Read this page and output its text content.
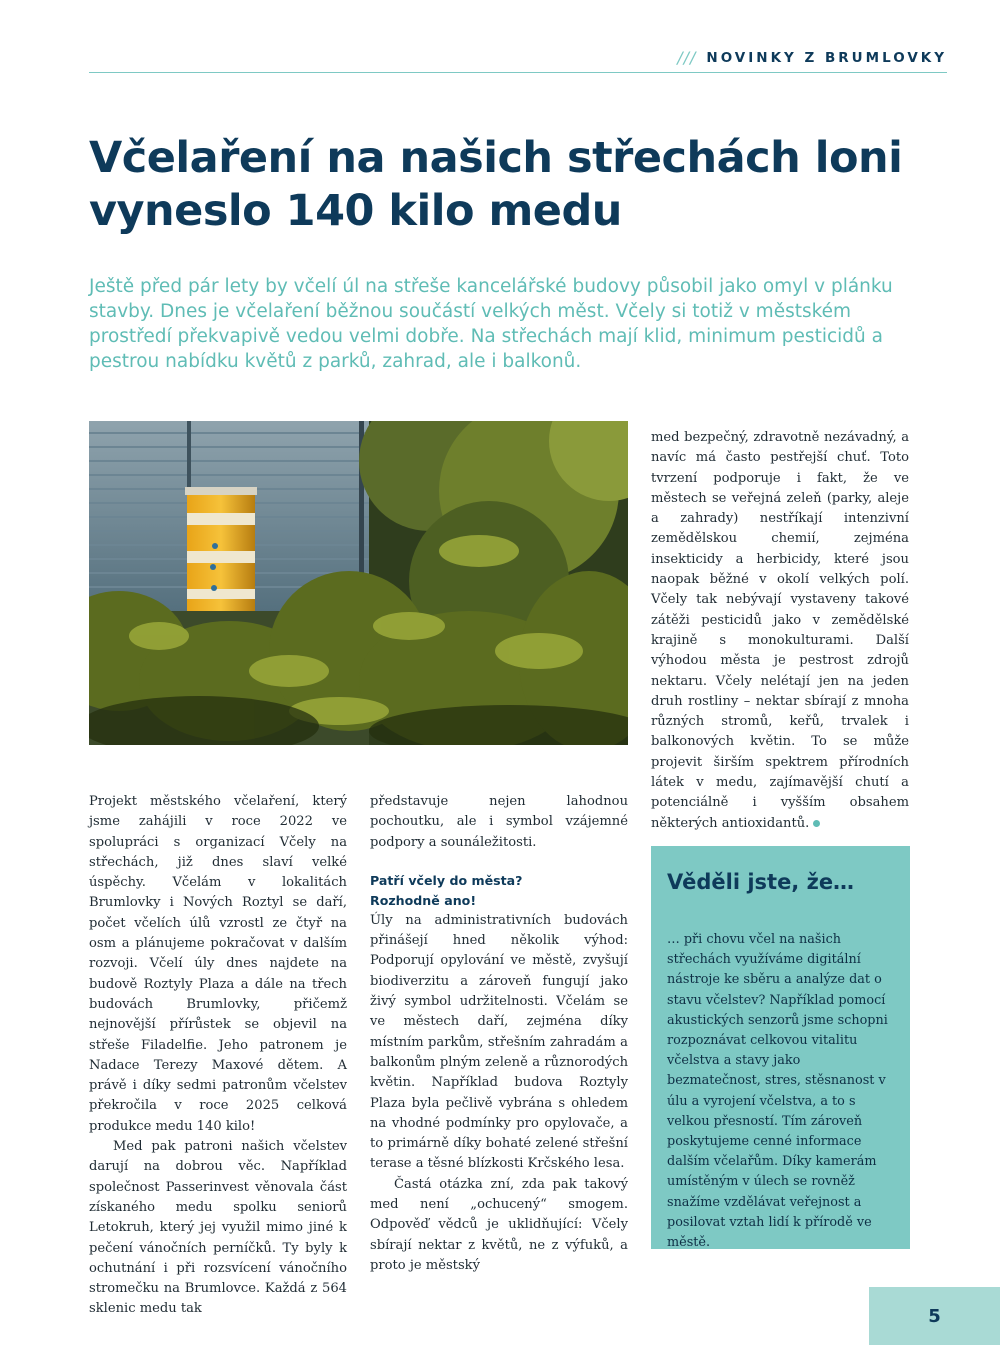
/// NOVINKY Z BRUMLOVKY
Včelaření na našich střechách loni vyneslo 140 kilo medu

Ještě před pár lety by včelí úl na střeše kancelářské budovy působil jako omyl v plánku stavby. Dnes je včelaření běžnou součástí velkých měst. Včely si totiž v městském prostředí překvapivě vedou velmi dobře. Na střechách mají klid, minimum pesticidů a pestrou nabídku květů z parků, zahrad, ale i balkonů.

Projekt městského včelaření, který jsme zahájili v roce 2022 ve spolupráci s organizací Včely na střechách, již dnes slaví velké úspěchy. Včelám v lokalitách Brumlovky i Nových Roztyl se daří, počet včelích úlů vzrostl ze čtyř na osm a plánujeme pokračovat v dalším rozvoji. Včelí úly dnes najdete na budově Roztyly Plaza a dále na třech budovách Brumlovky, přičemž nejnovější přírůstek se objevil na střeše Filadelfie. Jeho patronem je Nadace Terezy Maxové dětem. A právě i díky sedmi patronům včelstev překročila v roce 2025 celková produkce medu 140 kilo!

Med pak patroni našich včelstev darují na dobrou věc. Například společnost Passerinvest věnovala část získaného medu spolku seniorů Letokruh, který jej využil mimo jiné k pečení vánočních perníčků. Ty byly k ochutnání i při rozsvícení vánočního stromečku na Brumlovce. Každá z 564 sklenic medu tak

představuje nejen lahodnou pochoutku, ale i symbol vzájemné podpory a sounáležitosti.

Patří včely do města?
Rozhodně ano!

Úly na administrativních budovách přinášejí hned několik výhod: Podporují opylování ve městě, zvyšují biodiverzitu a zároveň fungují jako živý symbol udržitelnosti. Včelám se ve městech daří, zejména díky místním parkům, střešním zahradám a balkonům plným zeleně a různorodých květin. Například budova Roztyly Plaza byla pečlivě vybrána s ohledem na vhodné podmínky pro opylovače, a to primárně díky bohaté zelené střešní terase a těsné blízkosti Krčského lesa.

Častá otázka zní, zda pak takový med není „ochucený“ smogem. Odpověď vědců je uklidňující: Včely sbírají nektar z květů, ne z výfuků, a proto je městský

med bezpečný, zdravotně nezávadný, a navíc má často pestřejší chuť. Toto tvrzení podporuje i fakt, že ve městech se veřejná zeleň (parky, aleje a zahrady) nestříkají intenzivní zemědělskou chemií, zejména insekticidy a herbicidy, které jsou naopak běžné v okolí velkých polí. Včely tak nebývají vystaveny takové zátěži pesticidů jako v zemědělské krajině s monokulturami. Další výhodou města je pestrost zdrojů nektaru. Včely nelétají jen na jeden druh rostliny – nektar sbírají z mnoha různých stromů, keřů, trvalek i balkonových květin. To se může projevit širším spektrem přírodních látek v medu, zajímavější chutí a potenciálně i vyšším obsahem některých antioxidantů.

Věděli jste, že…
… při chovu včel na našich střechách využíváme digitální nástroje ke sběru a analýze dat o stavu včelstev? Například pomocí akustických senzorů jsme schopni rozpoznávat celkovou vitalitu včelstva a stavy jako bezmatečnost, stres, stěsnanost v úlu a vyrojení včelstva, a to s velkou přesností. Tím zároveň poskytujeme cenné informace dalším včelařům. Díky kamerám umístěným v úlech se rovněž snažíme vzdělávat veřejnost a posilovat vztah lidí k přírodě ve městě.
5
